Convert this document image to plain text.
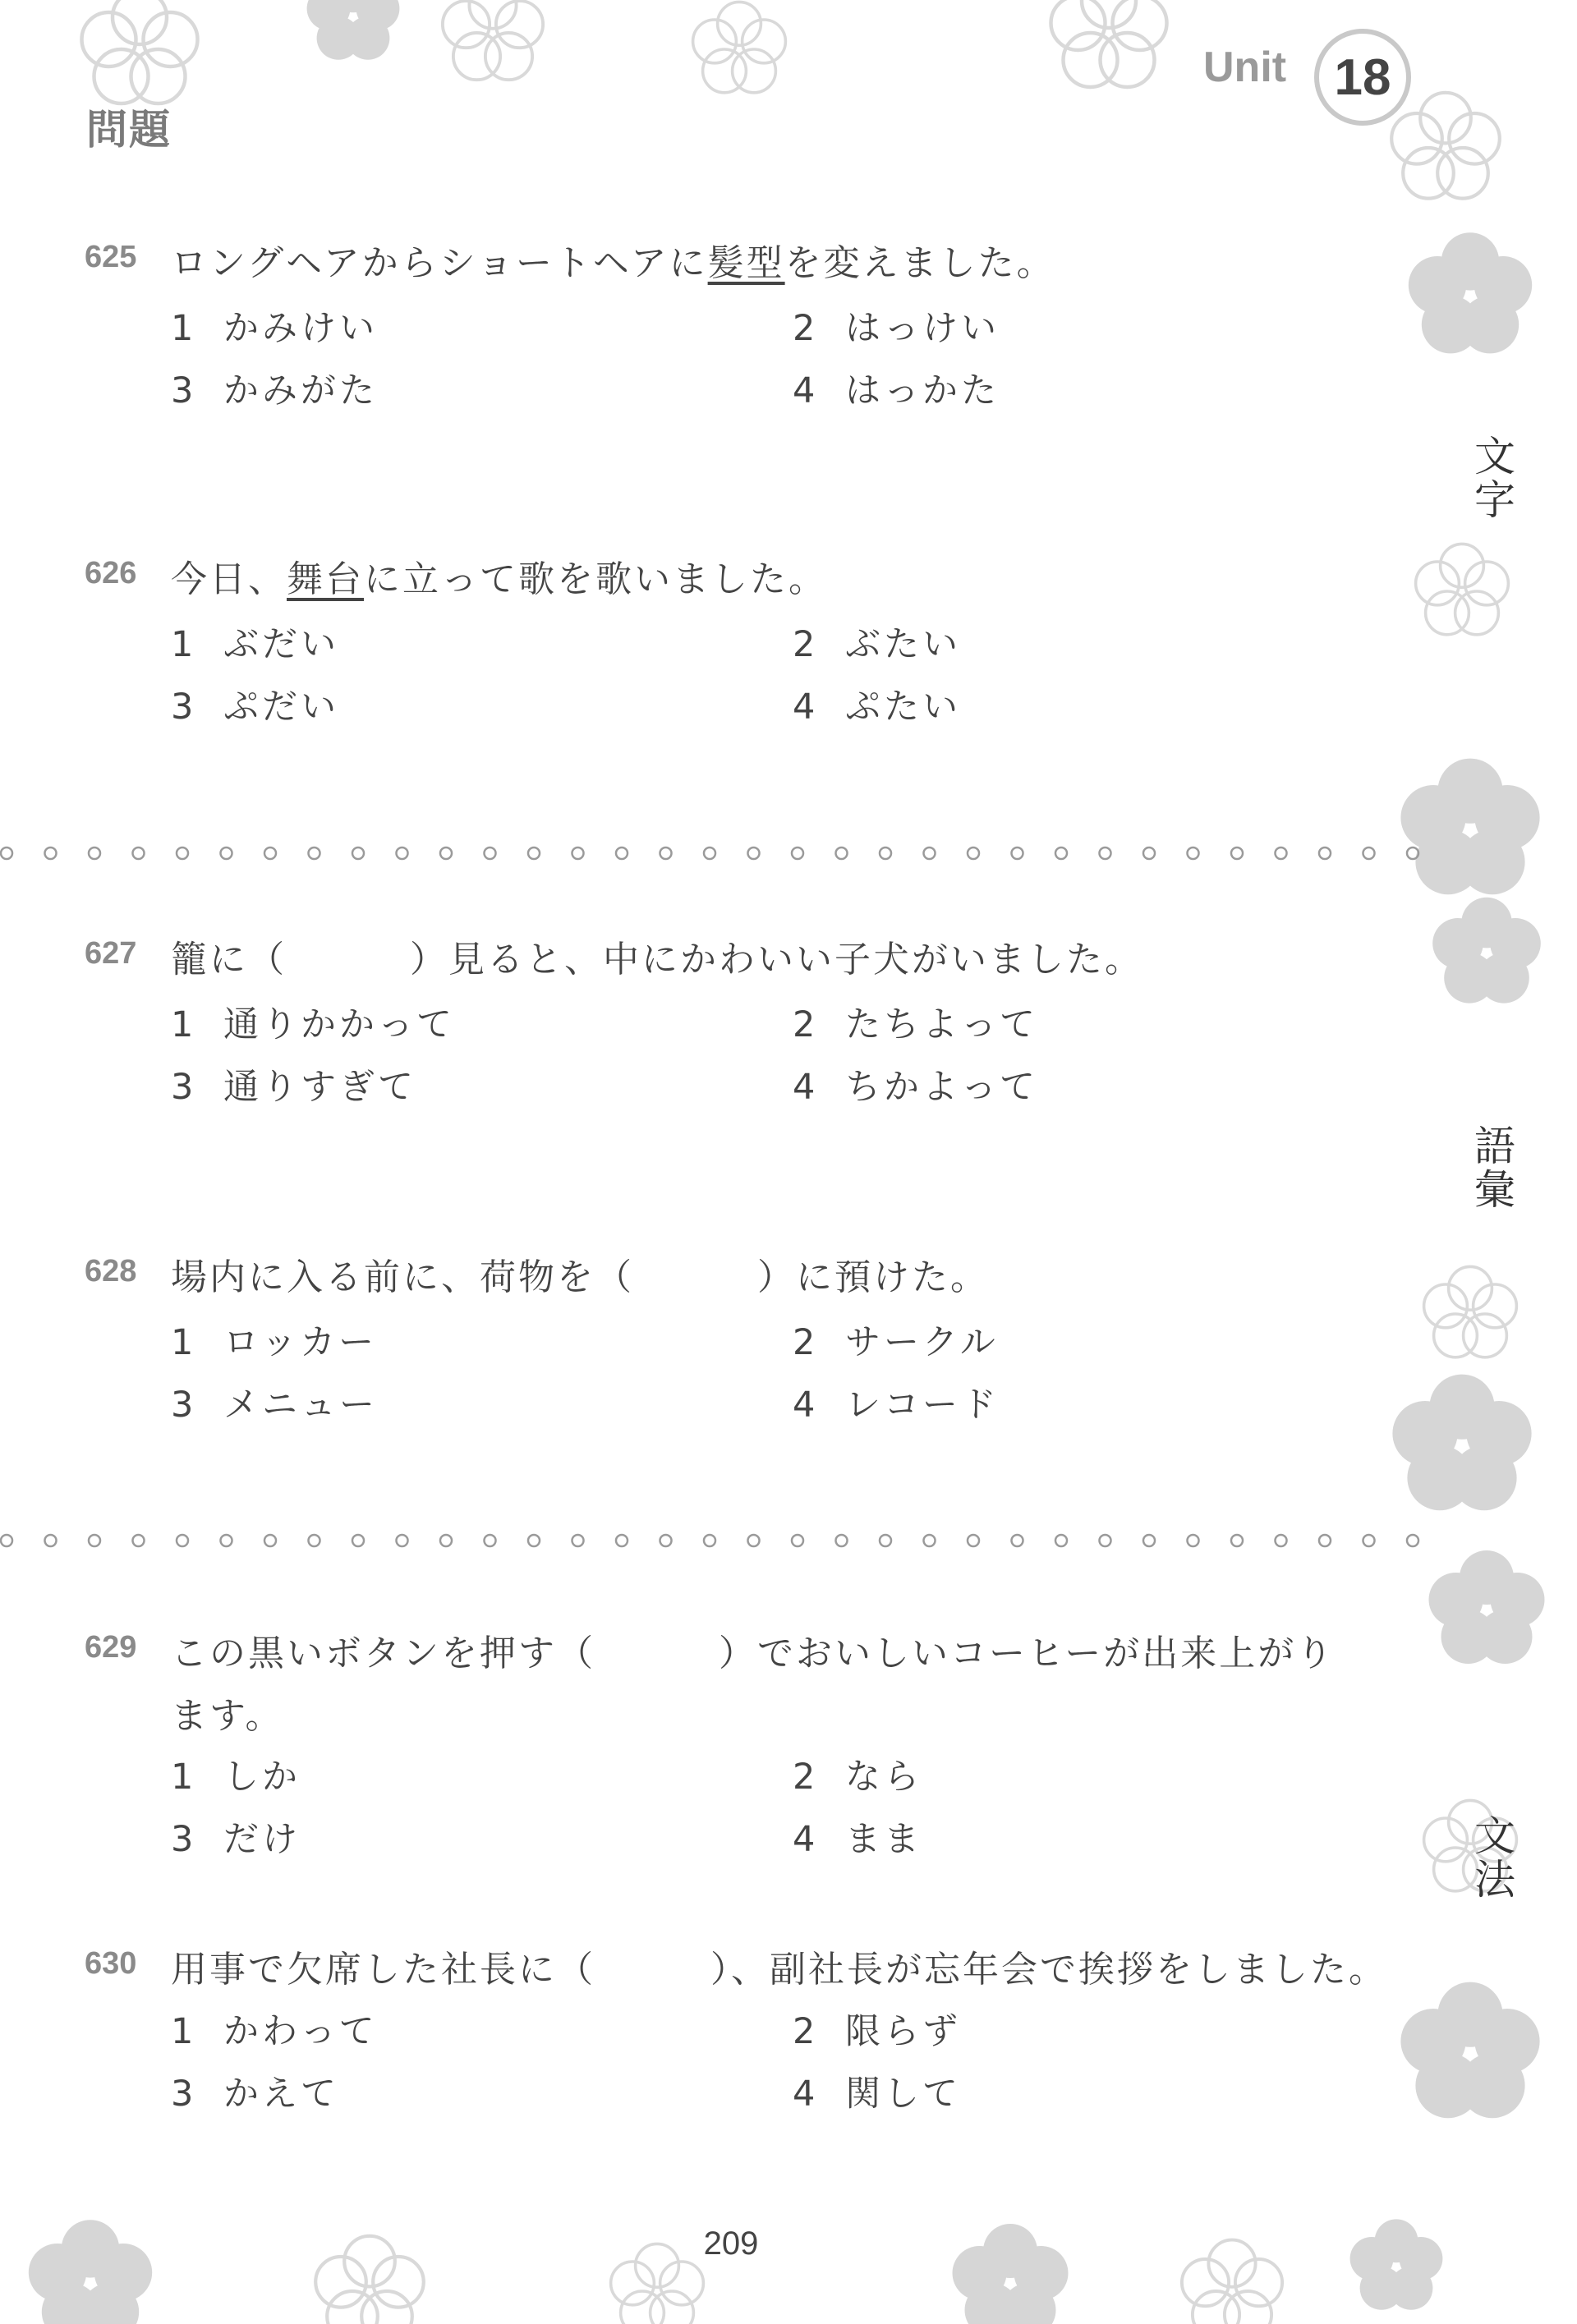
問題
Unit 18
文
字
語
彙
文
法
625 ロングヘアからショートヘアに髪型を変えました。
1 かみけい	2 はっけい
3 かみがた	4 はっかた
626 今日、舞台に立って歌を歌いました。
1 ぶだい	2 ぶたい
3 ぷだい	4 ぷたい
627 籠に（	）見ると、中にかわいい子犬がいました。
1 通りかかって	2 たちよって
3 通りすぎて	4 ちかよって
628 場内に入る前に、荷物を（	）に預けた。
1 ロッカー	2 サークル
3 メニュー	4 レコード
629 この黒いボタンを押す（	）でおいしいコーヒーが出来上がり
ます。
1 しか	2 なら
3 だけ	4 まま
630 用事で欠席した社長に（	）、副社長が忘年会で挨拶をしました。
1 かわって	2 限らず
3 かえて	4 関して
209
